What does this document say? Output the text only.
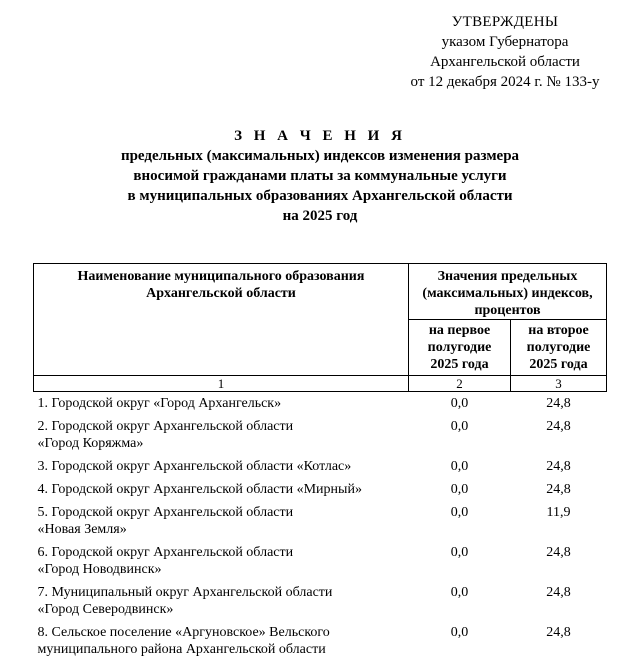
УТВЕРЖДЕНЫ
указом Губернатора
Архангельской области
от 12 декабря 2024 г. № 133-у
З Н А Ч Е Н И Я
предельных (максимальных) индексов изменения размера
вносимой гражданами платы за коммунальные услуги
в муниципальных образованиях Архангельской области
на 2025 год
Наименование муниципального образования Архангельской области	Значения предельных (максимальных) индексов, процентов	
	на первое полугодие 2025 года	на второе полугодие 2025 года
1	2	3
1. Городской округ «Город Архангельск»	0,0	24,8
2. Городской округ Архангельской области
«Город Коряжма»	0,0	24,8
3. Городской округ Архангельской области «Котлас»	0,0	24,8
4. Городской округ Архангельской области «Мирный»	0,0	24,8
5. Городской округ Архангельской области
«Новая Земля»	0,0	11,9
6. Городской округ Архангельской области
«Город Новодвинск»	0,0	24,8
7. Муниципальный округ Архангельской области
«Город Северодвинск»	0,0	24,8
8. Сельское поселение «Аргуновское» Вельского
муниципального района Архангельской области	0,0	24,8
